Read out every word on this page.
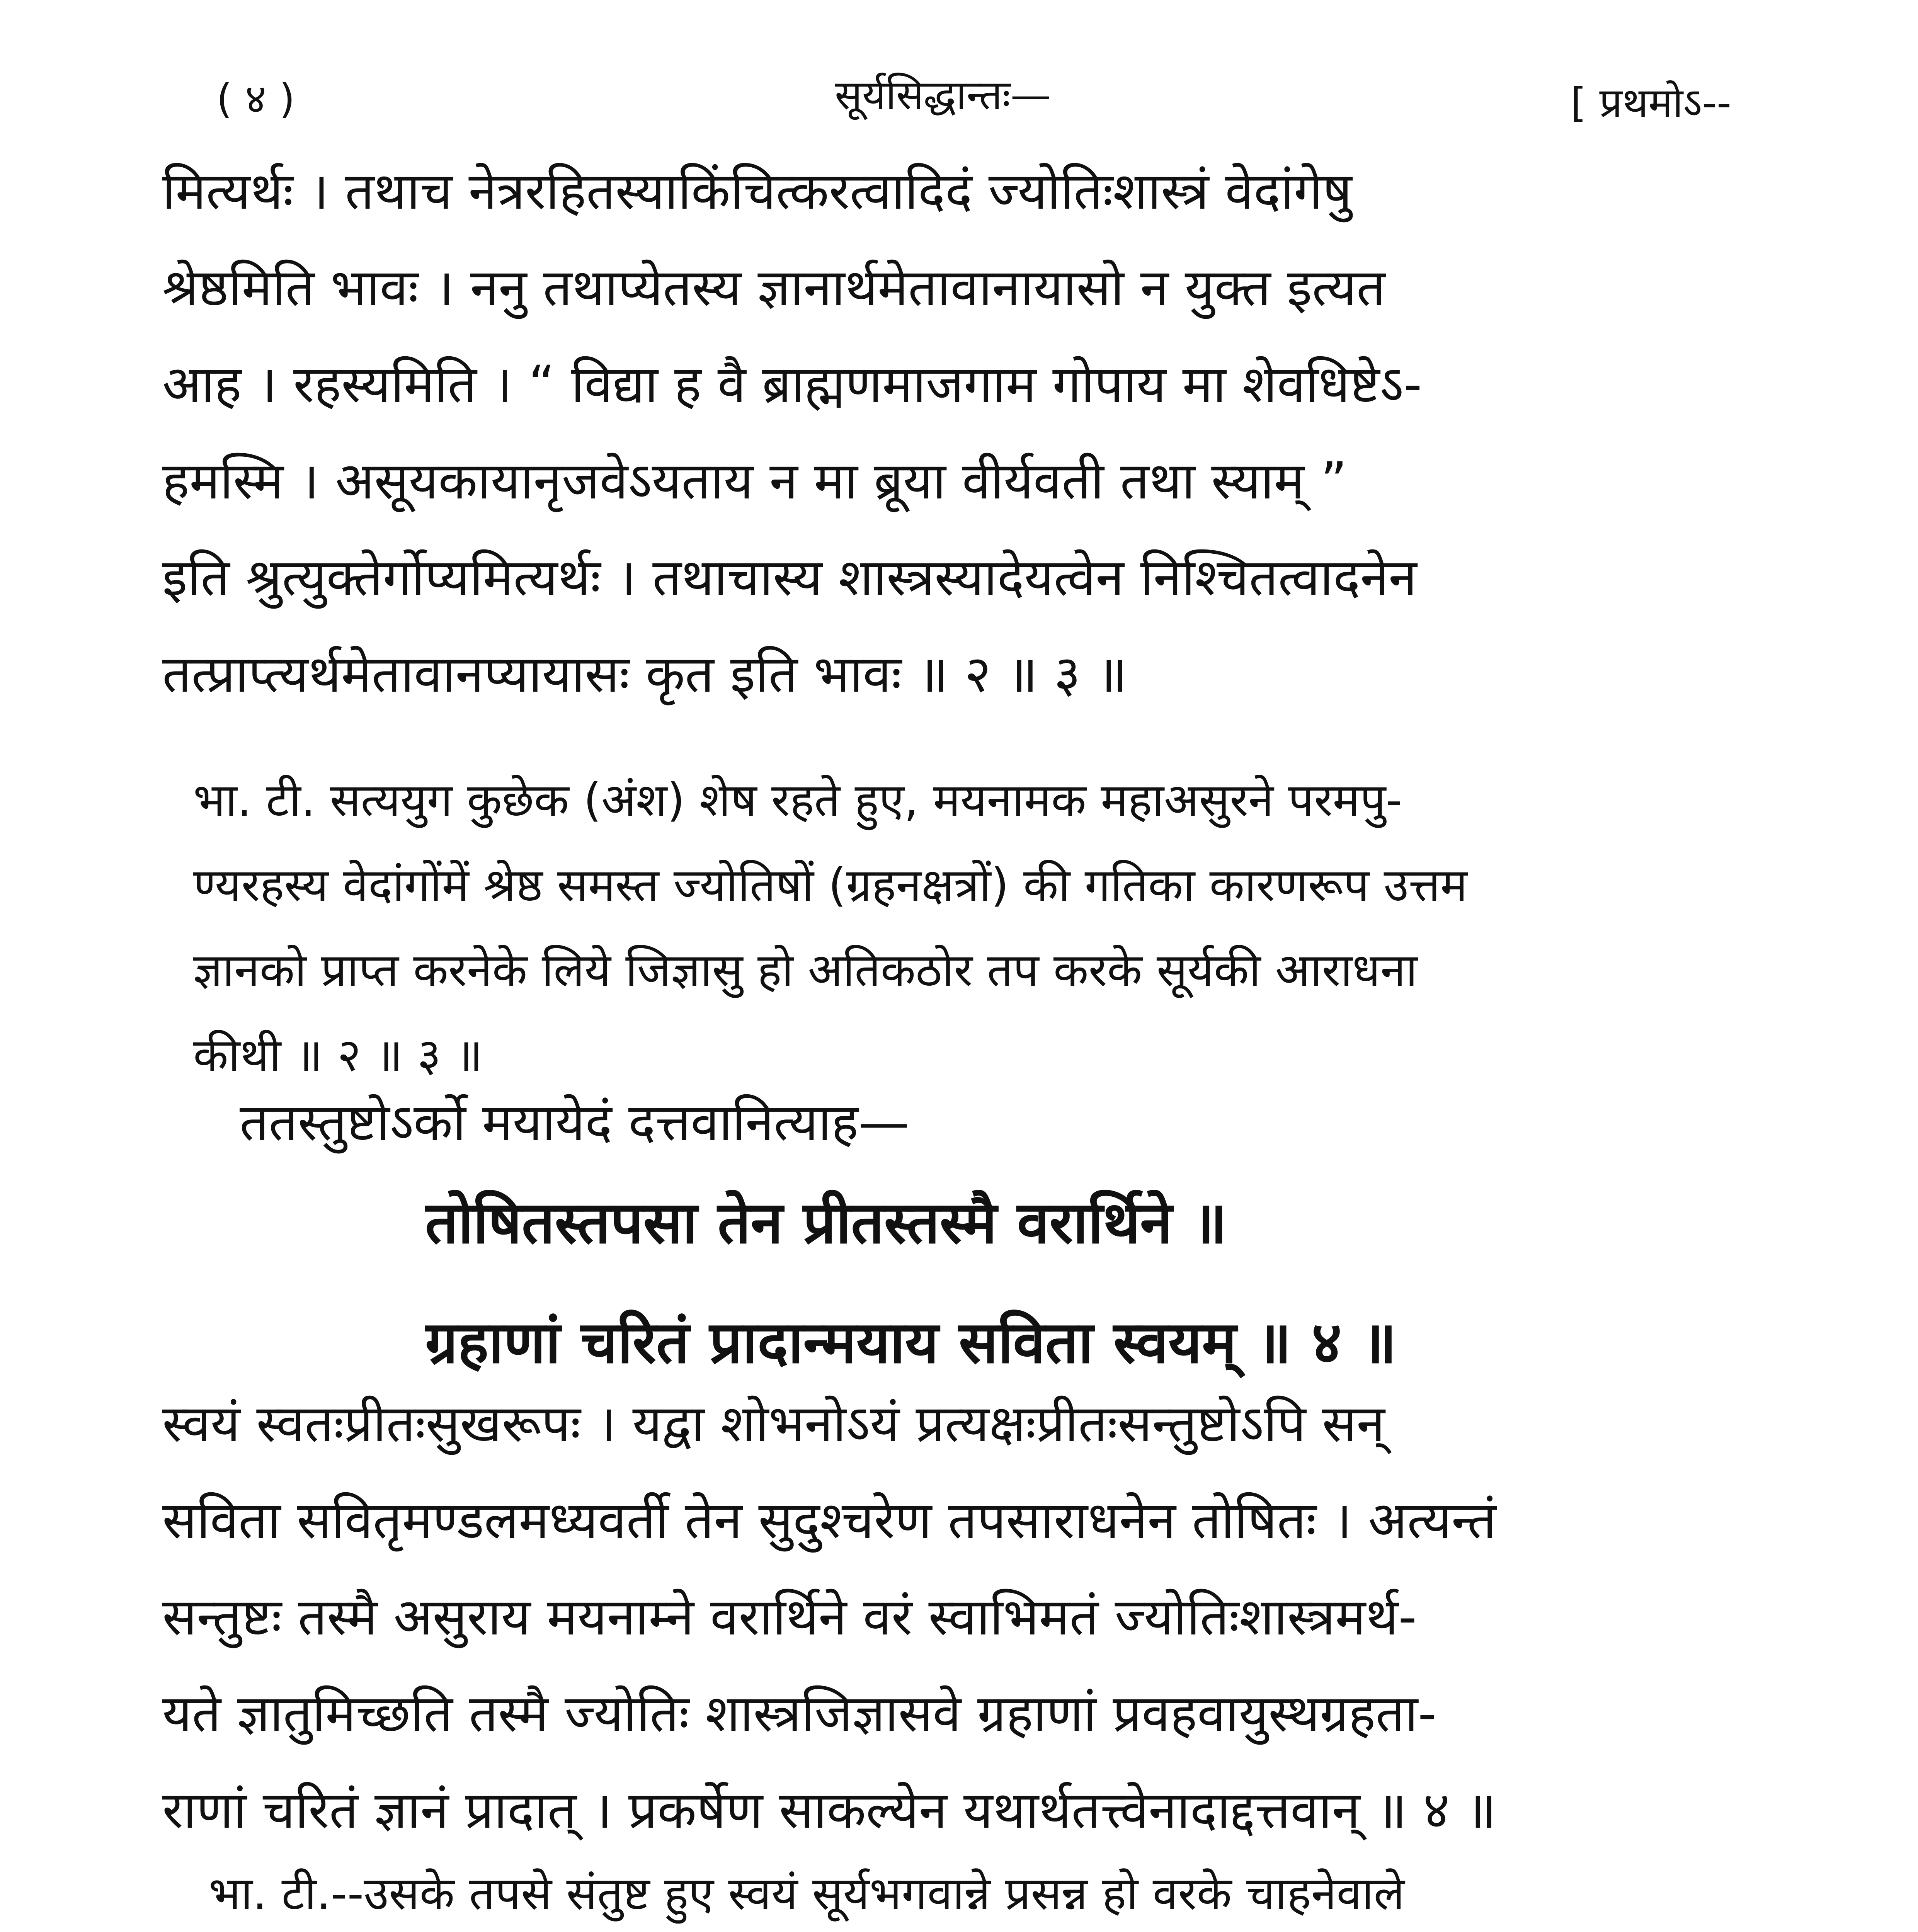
( ४ )	सूर्यसिद्धान्तः—	[ प्रथमोऽ--
मित्यर्थः । तथाच नेत्ररहितस्याकिंचित्करत्वादिदं ज्योतिःशास्त्रं वेदांगेषु
श्रेष्ठमिति भावः । ननु तथाप्येतस्य ज्ञानार्थमेतावानायासो न युक्त इत्यत
आह । रहस्यमिति । “ विद्या ह वै ब्राह्मणमाजगाम गोपाय मा शेवधिष्टेऽ-
हमस्मि । असूयकायानृजवेऽयताय न मा ब्रूया वीर्यवती तथा स्याम् ”
इति श्रुत्युक्तेर्गोप्यमित्यर्थः । तथाचास्य शास्त्रस्यादेयत्वेन निश्चितत्वादनेन
तत्प्राप्त्यर्थमेतावानप्यायासः कृत इति भावः ॥ २ ॥ ३ ॥
भा. टी. सत्ययुग कुछेक (अंश) शेष रहते हुए, मयनामक महाअसुरने परमपु-
ण्यरहस्य वेदांगोंमें श्रेष्ठ समस्त ज्योतिषों (ग्रहनक्षत्रों) की गतिका कारणरूप उत्तम
ज्ञानको प्राप्त करनेके लिये जिज्ञासु हो अतिकठोर तप करके सूर्यकी आराधना
कीथी ॥ २ ॥ ३ ॥
ततस्तुष्टोऽर्को मयायेदं दत्तवानित्याह—
तोषितस्तपसा तेन प्रीतस्तस्मै वरार्थिने ॥
ग्रहाणां चरितं प्रादान्मयाय सविता स्वयम् ॥ ४ ॥
स्वयं स्वतःप्रीतःसुखरूपः । यद्वा शोभनोऽयं प्रत्यक्षःप्रीतःसन्तुष्टोऽपि सन्
सविता सवितृमण्डलमध्यवर्ती तेन सुदुश्चरेण तपसाराधनेन तोषितः । अत्यन्तं
सन्तुष्टः तस्मै असुराय मयनाम्ने वरार्थिने वरं स्वाभिमतं ज्योतिःशास्त्रमर्थ-
यते ज्ञातुमिच्छति तस्मै ज्योतिः शास्त्रजिज्ञासवे ग्रहाणां प्रवहवायुस्थग्रहता-
राणां चरितं ज्ञानं प्रादात् । प्रकर्षेण साकल्येन यथार्थतत्त्वेनादाद्दत्तवान् ॥ ४ ॥
भा. टी.--उसके तपसे संतुष्ट हुए स्वयं सूर्यभगवान्ने प्रसन्न हो वरके चाहनेवाले
